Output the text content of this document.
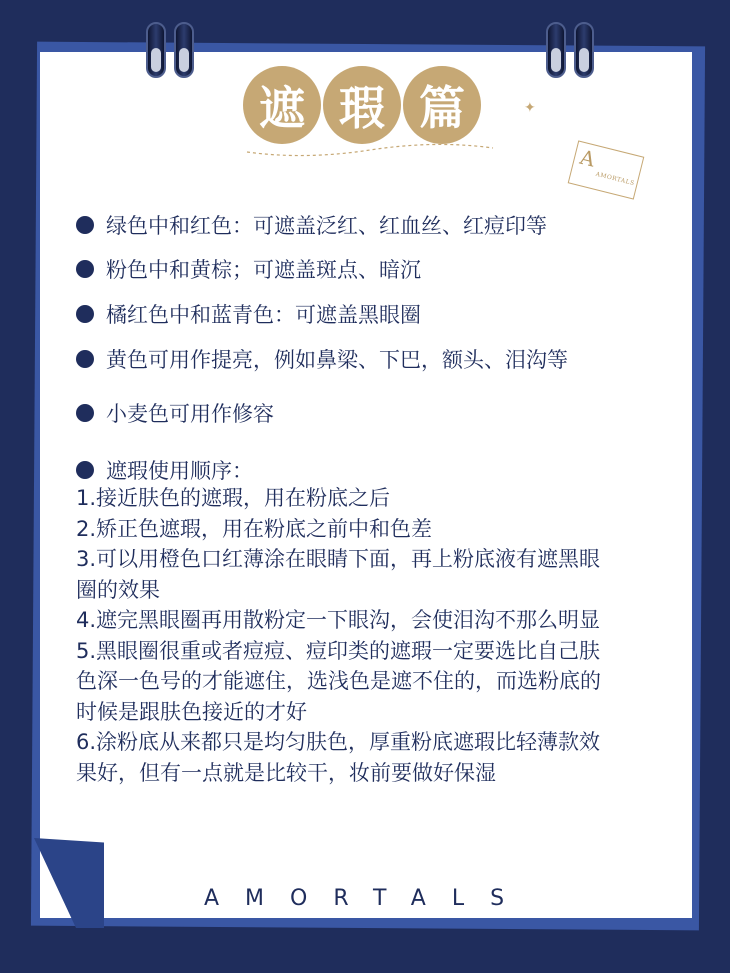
遮 瑕 篇	✦
A
AMORTALS
绿色中和红色：可遮盖泛红、红血丝、红痘印等
粉色中和黄棕；可遮盖斑点、暗沉
橘红色中和蓝青色：可遮盖黑眼圈
黄色可用作提亮，例如鼻梁、下巴，额头、泪沟等
小麦色可用作修容
遮瑕使用顺序：
1.接近肤色的遮瑕，用在粉底之后
2.矫正色遮瑕，用在粉底之前中和色差
3.可以用橙色口红薄涂在眼睛下面，再上粉底液有遮黑眼
圈的效果
4.遮完黑眼圈再用散粉定一下眼沟，会使泪沟不那么明显
5.黑眼圈很重或者痘痘、痘印类的遮瑕一定要选比自己肤
色深一色号的才能遮住，选浅色是遮不住的，而选粉底的
时候是跟肤色接近的才好
6.涂粉底从来都只是均匀肤色，厚重粉底遮瑕比轻薄款效
果好，但有一点就是比较干，妆前要做好保湿
AMORTALS
